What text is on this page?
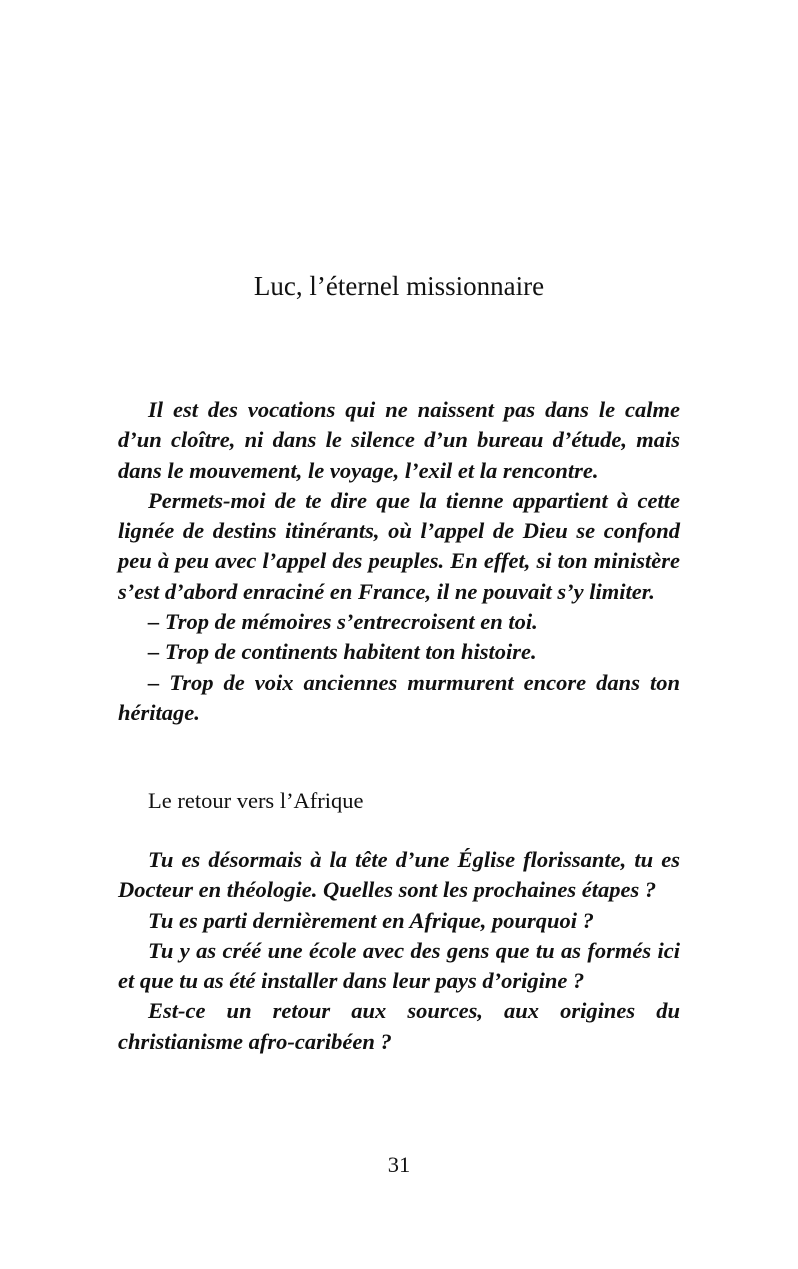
Luc, l’éternel missionnaire

Il est des vocations qui ne naissent pas dans le calme d’un cloître, ni dans le silence d’un bureau d’étude, mais dans le mouvement, le voyage, l’exil et la rencontre.

Permets-moi de te dire que la tienne appartient à cette lignée de destins itinérants, où l’appel de Dieu se confond peu à peu avec l’appel des peuples. En effet, si ton ministère s’est d’abord enraciné en France, il ne pouvait s’y limiter.

– Trop de mémoires s’entrecroisent en toi.

– Trop de continents habitent ton histoire.

– Trop de voix anciennes murmurent encore dans ton héritage.

Le retour vers l’Afrique

Tu es désormais à la tête d’une Église florissante, tu es Docteur en théologie. Quelles sont les prochaines étapes ?

Tu es parti dernièrement en Afrique, pourquoi ?

Tu y as créé une école avec des gens que tu as formés ici et que tu as été installer dans leur pays d’origine ?

Est-ce un retour aux sources, aux origines du christianisme afro-caribéen ?

31
